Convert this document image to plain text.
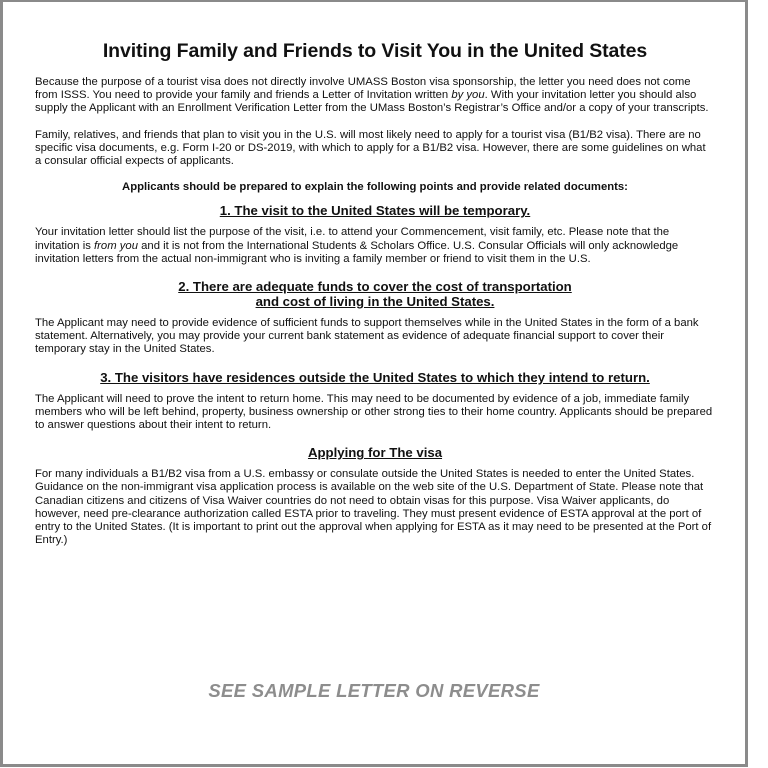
Inviting Family and Friends to Visit You in the United States

Because the purpose of a tourist visa does not directly involve UMASS Boston visa sponsorship, the letter you need does not come from ISSS. You need to provide your family and friends a Letter of Invitation written by you. With your invitation letter you should also supply the Applicant with an Enrollment Verification Letter from the UMass Boston’s Registrar’s Office and/or a copy of your transcripts.

Family, relatives, and friends that plan to visit you in the U.S. will most likely need to apply for a tourist visa (B1/B2 visa). There are no specific visa documents, e.g. Form I-20 or DS-2019, with which to apply for a B1/B2 visa. However, there are some guidelines on what a consular official expects of applicants.

Applicants should be prepared to explain the following points and provide related documents:

1. The visit to the United States will be temporary.

Your invitation letter should list the purpose of the visit, i.e. to attend your Commencement, visit family, etc. Please note that the invitation is from you and it is not from the International Students & Scholars Office. U.S. Consular Officials will only acknowledge invitation letters from the actual non-immigrant who is inviting a family member or friend to visit them in the U.S.

2. There are adequate funds to cover the cost of transportation
and cost of living in the United States.

The Applicant may need to provide evidence of sufficient funds to support themselves while in the United States in the form of a bank statement. Alternatively, you may provide your current bank statement as evidence of adequate financial support to cover their temporary stay in the United States.

3. The visitors have residences outside the United States to which they intend to return.

The Applicant will need to prove the intent to return home. This may need to be documented by evidence of a job, immediate family members who will be left behind, property, business ownership or other strong ties to their home country. Applicants should be prepared to answer questions about their intent to return.

Applying for The visa

For many individuals a B1/B2 visa from a U.S. embassy or consulate outside the United States is needed to enter the United States. Guidance on the non-immigrant visa application process is available on the web site of the U.S. Department of State. Please note that Canadian citizens and citizens of Visa Waiver countries do not need to obtain visas for this purpose. Visa Waiver applicants, do however, need pre-clearance authorization called ESTA prior to traveling. They must present evidence of ESTA approval at the port of entry to the United States. (It is important to print out the approval when applying for ESTA as it may need to be presented at the Port of Entry.)

SEE SAMPLE LETTER ON REVERSE
